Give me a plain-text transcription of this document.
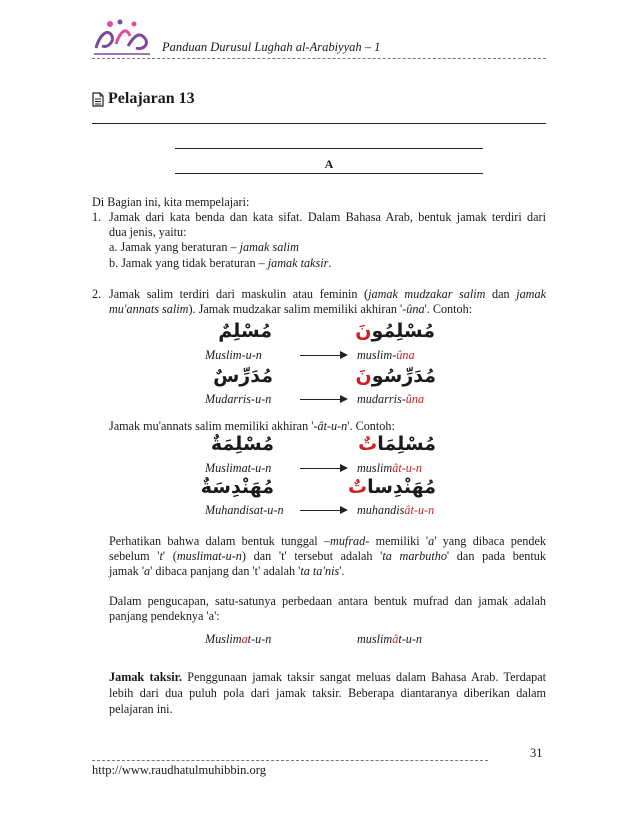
Panduan Durusul Lughah al-Arabiyyah – 1
Pelajaran 13
A
Di Bagian ini, kita mempelajari:
1. Jamak dari kata benda dan kata sifat. Dalam Bahasa Arab, bentuk jamak terdiri dari
dua jenis, yaitu:
a. Jamak yang beraturan – jamak salim
b. Jamak yang tidak beraturan – jamak taksir.
2. Jamak salim terdiri dari maskulin atau feminin (jamak mudzakar salim dan jamak
mu'annats salim). Jamak mudzakar salim memiliki akhiran '-ûna'. Contoh:
مُسْلِمٌ	مُسْلِمُونَ
Muslim-u-n	muslim-ûna
مُدَرِّسٌ	مُدَرِّسُونَ
Mudarris-u-n	mudarris-ûna
Jamak mu'annats salim memiliki akhiran '-ât-u-n'. Contoh:
مُسْلِمَةٌ	مُسْلِمَاتٌ
Muslimat-u-n	muslimât-u-n
مُهَنْدِسَةٌ	مُهَنْدِساتٌ
Muhandisat-u-n	muhandisât-u-n
Perhatikan bahwa dalam bentuk tunggal –mufrad- memiliki 'a' yang dibaca pendek
sebelum 't' (muslimat-u-n) dan 't' tersebut adalah 'ta marbutho' dan pada bentuk
jamak 'a' dibaca panjang dan 't' adalah 'ta ta'nis'.
Dalam pengucapan, satu-satunya perbedaan antara bentuk mufrad dan jamak adalah
panjang pendeknya 'a':
Muslimat-u-n	muslimât-u-n
Jamak taksir. Penggunaan jamak taksir sangat meluas dalam Bahasa Arab. Terdapat
lebih dari dua puluh pola dari jamak taksir. Beberapa diantaranya diberikan dalam
pelajaran ini.
31
http://www.raudhatulmuhibbin.org
